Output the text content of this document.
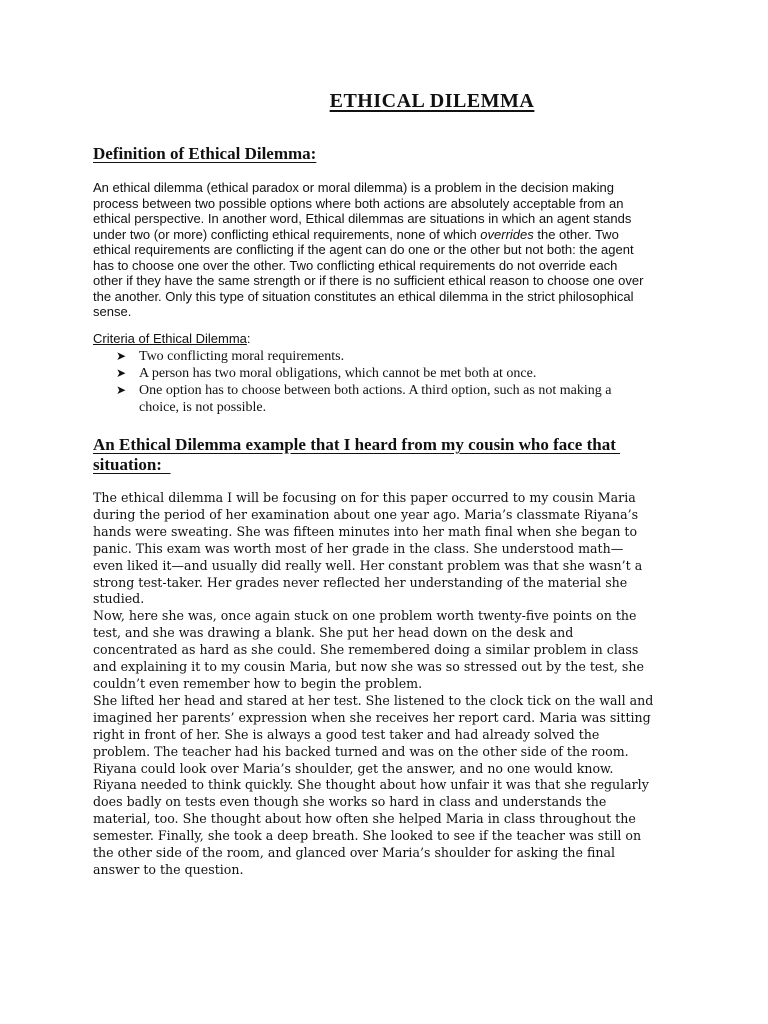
ETHICAL DILEMMA
Definition of Ethical Dilemma:
An ethical dilemma (ethical paradox or moral dilemma) is a problem in the decision making
process between two possible options where both actions are absolutely acceptable from an
ethical perspective. In another word, Ethical dilemmas are situations in which an agent stands
under two (or more) conflicting ethical requirements, none of which overrides the other. Two
ethical requirements are conflicting if the agent can do one or the other but not both: the agent
has to choose one over the other. Two conflicting ethical requirements do not override each
other if they have the same strength or if there is no sufficient ethical reason to choose one over
the another. Only this type of situation constitutes an ethical dilemma in the strict philosophical
sense.
Criteria of Ethical Dilemma:
➤ Two conflicting moral requirements.
➤ A person has two moral obligations, which cannot be met both at once.
➤ One option has to choose between both actions. A third option, such as not making a
choice, is not possible.
An Ethical Dilemma example that I heard from my cousin who face that
situation:
The ethical dilemma I will be focusing on for this paper occurred to my cousin Maria
during the period of her examination about one year ago. Maria’s classmate Riyana’s
hands were sweating. She was fifteen minutes into her math final when she began to
panic. This exam was worth most of her grade in the class. She understood math—
even liked it—and usually did really well. Her constant problem was that she wasn’t a
strong test-taker. Her grades never reflected her understanding of the material she
studied.
Now, here she was, once again stuck on one problem worth twenty-five points on the
test, and she was drawing a blank. She put her head down on the desk and
concentrated as hard as she could. She remembered doing a similar problem in class
and explaining it to my cousin Maria, but now she was so stressed out by the test, she
couldn’t even remember how to begin the problem.
She lifted her head and stared at her test. She listened to the clock tick on the wall and
imagined her parents’ expression when she receives her report card. Maria was sitting
right in front of her. She is always a good test taker and had already solved the
problem. The teacher had his backed turned and was on the other side of the room.
Riyana could look over Maria’s shoulder, get the answer, and no one would know.
Riyana needed to think quickly. She thought about how unfair it was that she regularly
does badly on tests even though she works so hard in class and understands the
material, too. She thought about how often she helped Maria in class throughout the
semester. Finally, she took a deep breath. She looked to see if the teacher was still on
the other side of the room, and glanced over Maria’s shoulder for asking the final
answer to the question.
